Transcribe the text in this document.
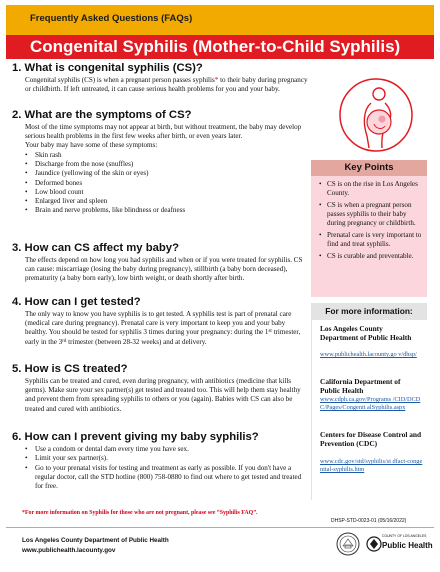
Frequently Asked Questions (FAQs)
Congenital Syphilis (Mother-to-Child Syphilis)
1. What is congenital syphilis (CS)?

Congenital syphilis (CS) is when a pregnant person passes syphilis* to their baby during pregnancy or childbirth. If left untreated, it can cause serious health problems for you and your baby.

2. What are the symptoms of CS?

Most of the time symptoms may not appear at birth, but without treatment, the baby may develop serious health problems in the first few weeks after birth, or even years later.

Your baby may have some of these symptoms:

• Skin rash
• Discharge from the nose (snuffles)
• Jaundice (yellowing of the skin or eyes)
• Deformed bones
• Low blood count
• Enlarged liver and spleen
• Brain and nerve problems, like blindness or deafness
3. How can CS affect my baby?

The effects depend on how long you had syphilis and when or if you were treated for syphilis. CS can cause: miscarriage (losing the baby during pregnancy), stillbirth (a baby born deceased), prematurity (a baby born early), low birth weight, or death shortly after birth.

4. How can I get tested?

The only way to know you have syphilis is to get tested. A syphilis test is part of prenatal care (medical care during pregnancy). Prenatal care is very important to keep you and your baby healthy. You should be tested for syphilis 3 times during your pregnancy: during the 1st trimester, early in the 3rd trimester (between 28-32 weeks) and at delivery.

5. How is CS treated?

Syphilis can be treated and cured, even during pregnancy, with antibiotics (medicine that kills germs). Make sure your sex partner(s) get tested and treated too. This will help them stay healthy and prevent them from spreading syphilis to others or you (again). Babies with CS can also be treated and cured with antibiotics.

6. How can I prevent giving my baby syphilis?
• Use a condom or dental dam every time you have sex.
• Limit your sex partner(s).
• Go to your prenatal visits for testing and treatment as early as possible. If you don't have a regular doctor, call the STD hotline (800) 758-0880 to find out where to get tested and treated for free.
Key Points
• CS is on the rise in Los Angeles County.
• CS is when a pregnant person passes syphilis to their baby during pregnancy or childbirth.
• Prenatal care is very important to find and treat syphilis.
• CS is curable and preventable.
For more information:
Los Angeles County Department of Public Health
www.publichealth.lacounty.go v/dhsp/
California Department of Public Health
www.cdph.ca.gov/Programs /CID/DCDC/Pages/Congenit alSyphilis.aspx
Centers for Disease Control and Prevention (CDC)
www.cdc.gov/std/syphilis/st dfact-congenital-syphilis.htm
*For more information on Syphilis for those who are not pregnant, please see “Syphilis FAQ”.
DHSP-STD-0023-01 (05/16/2022)
Los Angeles County Department of Public Health
www.publichealth.lacounty.gov
COUNTY OF LOS ANGELES
Public Health
